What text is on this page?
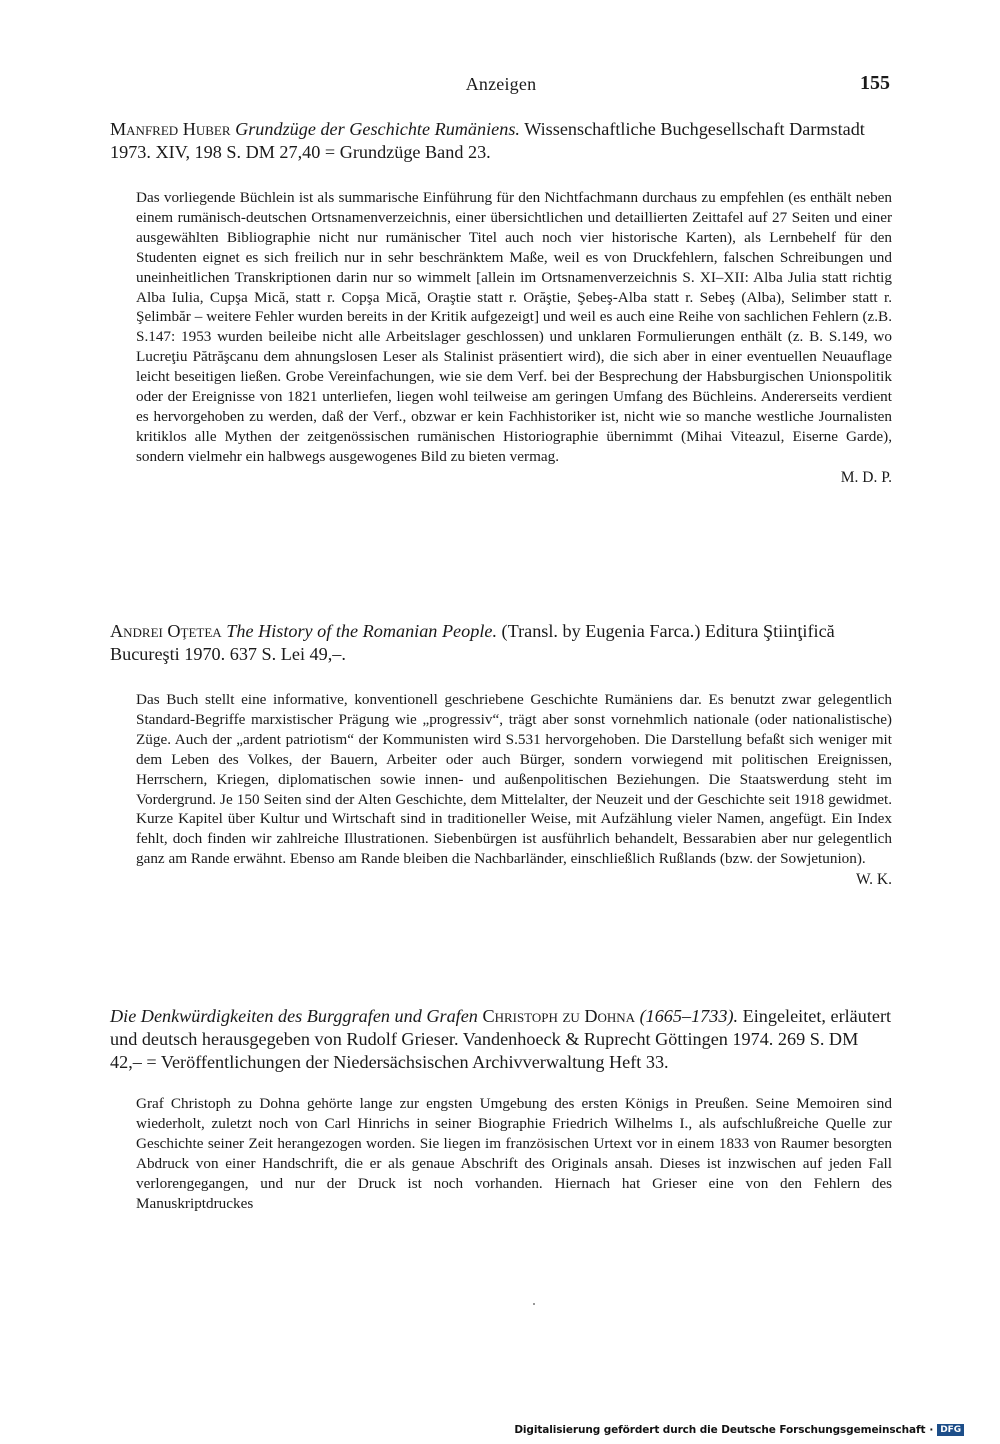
Anzeigen	155

Manfred Huber Grundzüge der Geschichte Rumäniens. Wissenschaftliche Buchgesellschaft Darmstadt 1973. XIV, 198 S. DM 27,40 = Grundzüge Band 23.

Das vorliegende Büchlein ist als summarische Einführung für den Nichtfachmann durchaus zu empfehlen (es enthält neben einem rumänisch-deutschen Ortsnamenverzeichnis, einer übersichtlichen und detaillierten Zeittafel auf 27 Seiten und einer ausgewählten Bibliographie nicht nur rumänischer Titel auch noch vier historische Karten), als Lernbehelf für den Studenten eignet es sich freilich nur in sehr beschränktem Maße, weil es von Druckfehlern, falschen Schreibungen und uneinheitlichen Transkriptionen darin nur so wimmelt [allein im Ortsnamenverzeichnis S. XI–XII: Alba Julia statt richtig Alba Iulia, Cupşa Mică, statt r. Copşa Mică, Oraştie statt r. Orăştie, Şebeş-Alba statt r. Sebeş (Alba), Selimber statt r. Şelimbăr – weitere Fehler wurden bereits in der Kritik aufgezeigt] und weil es auch eine Reihe von sachlichen Fehlern (z.B. S.147: 1953 wurden beileibe nicht alle Arbeitslager geschlossen) und unklaren Formulierungen enthält (z. B. S.149, wo Lucreţiu Pătrăşcanu dem ahnungslosen Leser als Stalinist präsentiert wird), die sich aber in einer eventuellen Neuauflage leicht beseitigen ließen. Grobe Vereinfachungen, wie sie dem Verf. bei der Besprechung der Habsburgischen Unionspolitik oder der Ereignisse von 1821 unterliefen, liegen wohl teilweise am geringen Umfang des Büchleins. Andererseits verdient es hervorgehoben zu werden, daß der Verf., obzwar er kein Fachhistoriker ist, nicht wie so manche westliche Journalisten kritiklos alle Mythen der zeitgenössischen rumänischen Historiographie übernimmt (Mihai Viteazul, Eiserne Garde), sondern vielmehr ein halbwegs ausgewogenes Bild zu bieten vermag.

M. D. P.

Andrei Oţetea The History of the Romanian People. (Transl. by Eugenia Farca.) Editura Ştiinţifică Bucureşti 1970. 637 S. Lei 49,–.

Das Buch stellt eine informative, konventionell geschriebene Geschichte Rumäniens dar. Es benutzt zwar gelegentlich Standard-Begriffe marxistischer Prägung wie „progressiv“, trägt aber sonst vornehmlich nationale (oder nationalistische) Züge. Auch der „ardent patriotism“ der Kommunisten wird S.531 hervorgehoben. Die Darstellung befaßt sich weniger mit dem Leben des Volkes, der Bauern, Arbeiter oder auch Bürger, sondern vorwiegend mit politischen Ereignissen, Herrschern, Kriegen, diplomatischen sowie innen- und außenpolitischen Beziehungen. Die Staatswerdung steht im Vordergrund. Je 150 Seiten sind der Alten Geschichte, dem Mittelalter, der Neuzeit und der Geschichte seit 1918 gewidmet. Kurze Kapitel über Kultur und Wirtschaft sind in traditioneller Weise, mit Aufzählung vieler Namen, angefügt. Ein Index fehlt, doch finden wir zahlreiche Illustrationen. Siebenbürgen ist ausführlich behandelt, Bessarabien aber nur gelegentlich ganz am Rande erwähnt. Ebenso am Rande bleiben die Nachbarländer, einschließlich Rußlands (bzw. der Sowjetunion).

W. K.

Die Denkwürdigkeiten des Burggrafen und Grafen Christoph zu Dohna (1665–1733). Eingeleitet, erläutert und deutsch herausgegeben von Rudolf Grieser. Vandenhoeck & Ruprecht Göttingen 1974. 269 S. DM 42,– = Veröffentlichungen der Niedersächsischen Archivverwaltung Heft 33.

Graf Christoph zu Dohna gehörte lange zur engsten Umgebung des ersten Königs in Preußen. Seine Memoiren sind wiederholt, zuletzt noch von Carl Hinrichs in seiner Biographie Friedrich Wilhelms I., als aufschlußreiche Quelle zur Geschichte seiner Zeit herangezogen worden. Sie liegen im französischen Urtext vor in einem 1833 von Raumer besorgten Abdruck von einer Handschrift, die er als genaue Abschrift des Originals ansah. Dieses ist inzwischen auf jeden Fall verlorengegangen, und nur der Druck ist noch vorhanden. Hiernach hat Grieser eine von den Fehlern des Manuskriptdruckes

Digitalisierung gefördert durch die Deutsche Forschungsgemeinschaft · DFG
